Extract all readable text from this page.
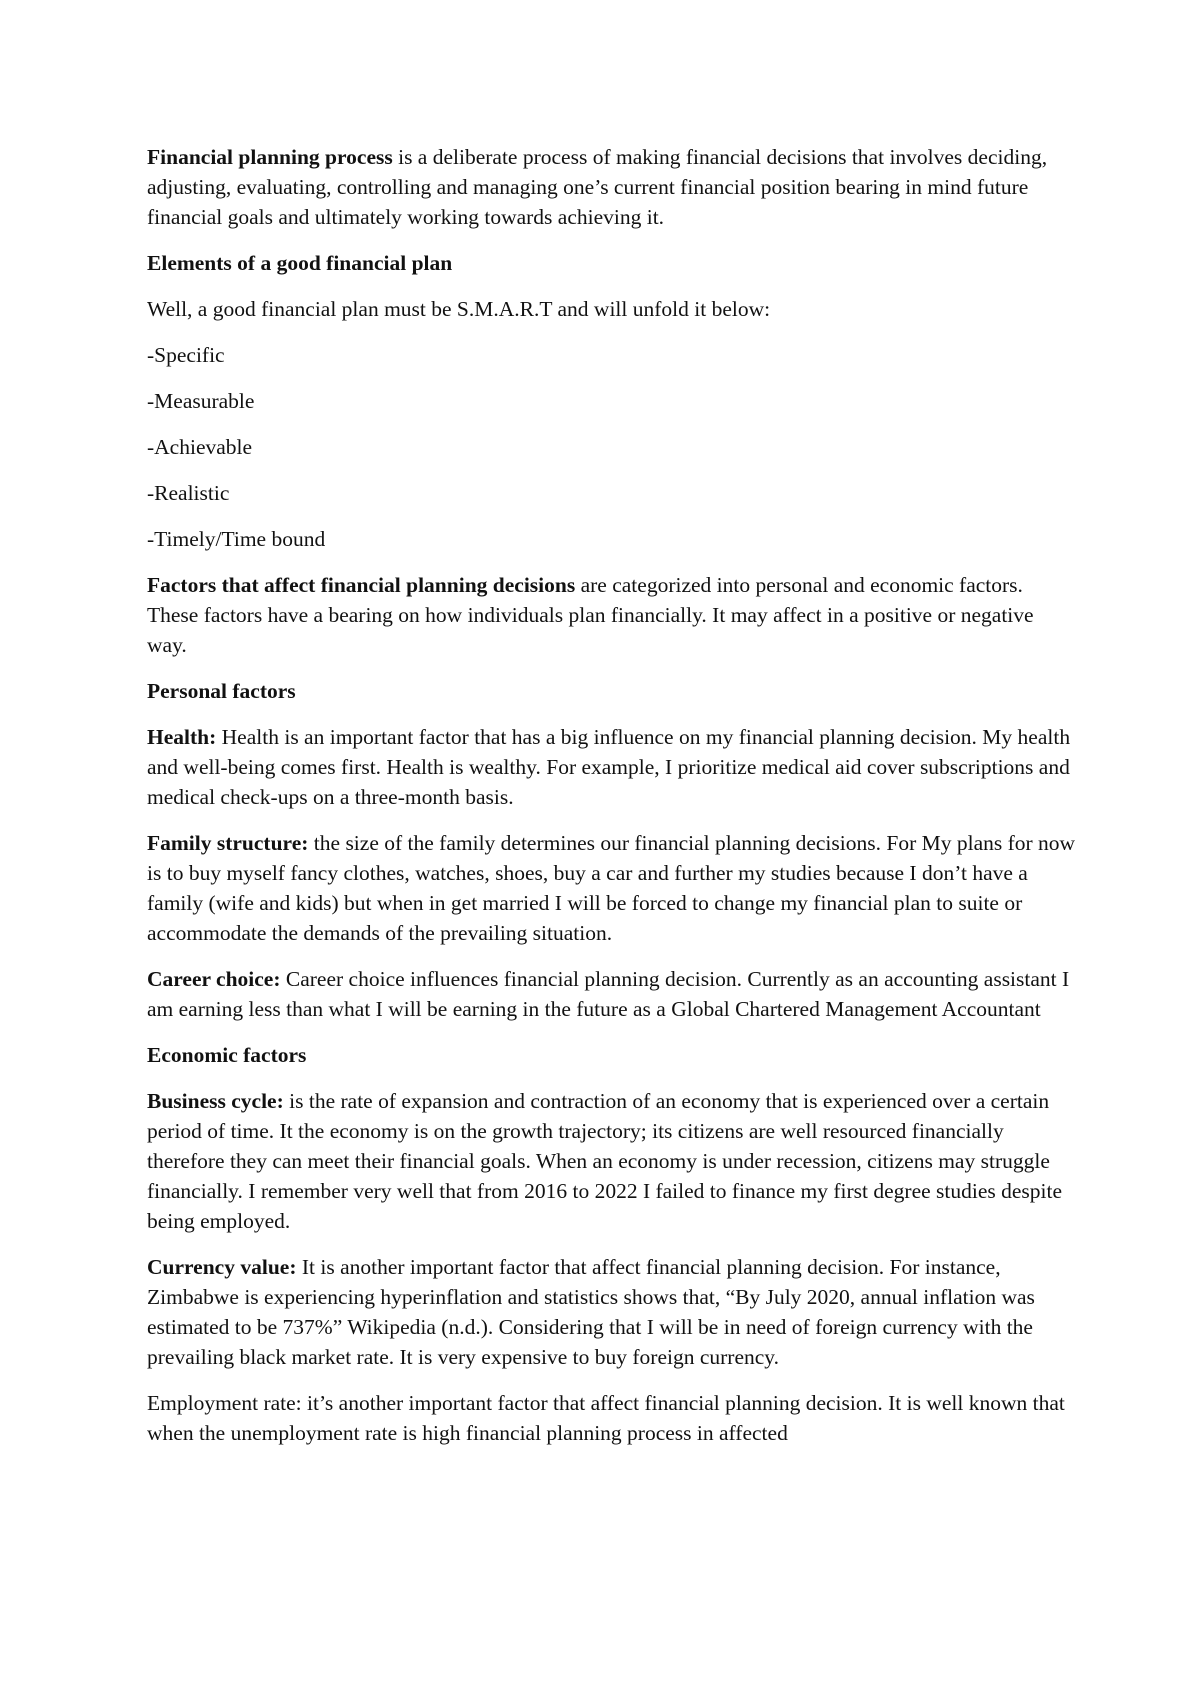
Financial planning process is a deliberate process of making financial decisions that involves deciding, adjusting, evaluating, controlling and managing one’s current financial position bearing in mind future financial goals and ultimately working towards achieving it.

Elements of a good financial plan

Well, a good financial plan must be S.M.A.R.T and will unfold it below:

-Specific

-Measurable

-Achievable

-Realistic

-Timely/Time bound

Factors that affect financial planning decisions are categorized into personal and economic factors. These factors have a bearing on how individuals plan financially. It may affect in a positive or negative way.

Personal factors

Health: Health is an important factor that has a big influence on my financial planning decision. My health and well-being comes first. Health is wealthy. For example, I prioritize medical aid cover subscriptions and medical check-ups on a three-month basis.

Family structure: the size of the family determines our financial planning decisions. For My plans for now is to buy myself fancy clothes, watches, shoes, buy a car and further my studies because I don’t have a family (wife and kids) but when in get married I will be forced to change my financial plan to suite or accommodate the demands of the prevailing situation.

Career choice: Career choice influences financial planning decision. Currently as an accounting assistant I am earning less than what I will be earning in the future as a Global Chartered Management Accountant

Economic factors

Business cycle: is the rate of expansion and contraction of an economy that is experienced over a certain period of time. It the economy is on the growth trajectory; its citizens are well resourced financially therefore they can meet their financial goals. When an economy is under recession, citizens may struggle financially. I remember very well that from 2016 to 2022 I failed to finance my first degree studies despite being employed.

Currency value: It is another important factor that affect financial planning decision. For instance, Zimbabwe is experiencing hyperinflation and statistics shows that, “By July 2020, annual inflation was estimated to be 737%” Wikipedia (n.d.). Considering that I will be in need of foreign currency with the prevailing black market rate. It is very expensive to buy foreign currency.

Employment rate: it’s another important factor that affect financial planning decision. It is well known that when the unemployment rate is high financial planning process in affected
